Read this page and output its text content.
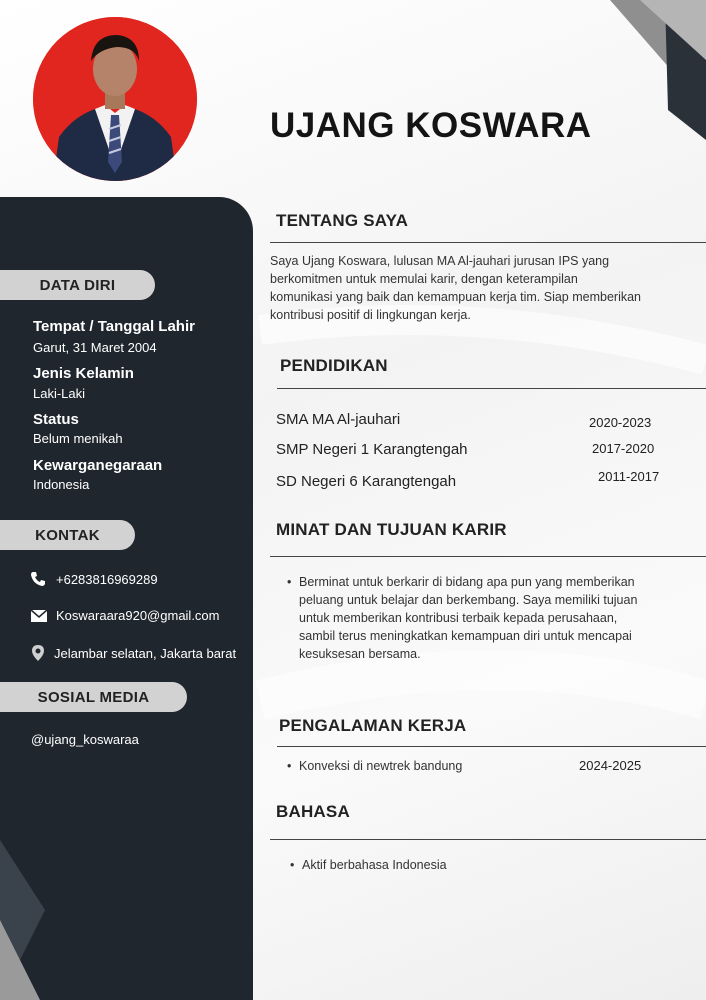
UJANG KOSWARA
DATA DIRI
Tempat / Tanggal Lahir
Garut, 31 Maret 2004
Jenis Kelamin
Laki-Laki
Status
Belum menikah
Kewarganegaraan
Indonesia
KONTAK
+6283816969289
Koswaraara920@gmail.com
Jelambar selatan, Jakarta barat
SOSIAL MEDIA
@ujang_koswaraa
TENTANG SAYA
Saya Ujang Koswara, lulusan MA Al-jauhari jurusan IPS yang
berkomitmen untuk memulai karir, dengan keterampilan
komunikasi yang baik dan kemampuan kerja tim. Siap memberikan
kontribusi positif di lingkungan kerja.
PENDIDIKAN
SMA MA Al-jauhari	2020-2023
SMP Negeri 1 Karangtengah	2017-2020
SD Negeri 6 Karangtengah	2011-2017
MINAT DAN TUJUAN KARIR
• Berminat untuk berkarir di bidang apa pun yang memberikan
peluang untuk belajar dan berkembang. Saya memiliki tujuan
untuk memberikan kontribusi terbaik kepada perusahaan,
sambil terus meningkatkan kemampuan diri untuk mencapai
kesuksesan bersama.
PENGALAMAN KERJA
• Konveksi di newtrek bandung	2024-2025
BAHASA
• Aktif berbahasa Indonesia
